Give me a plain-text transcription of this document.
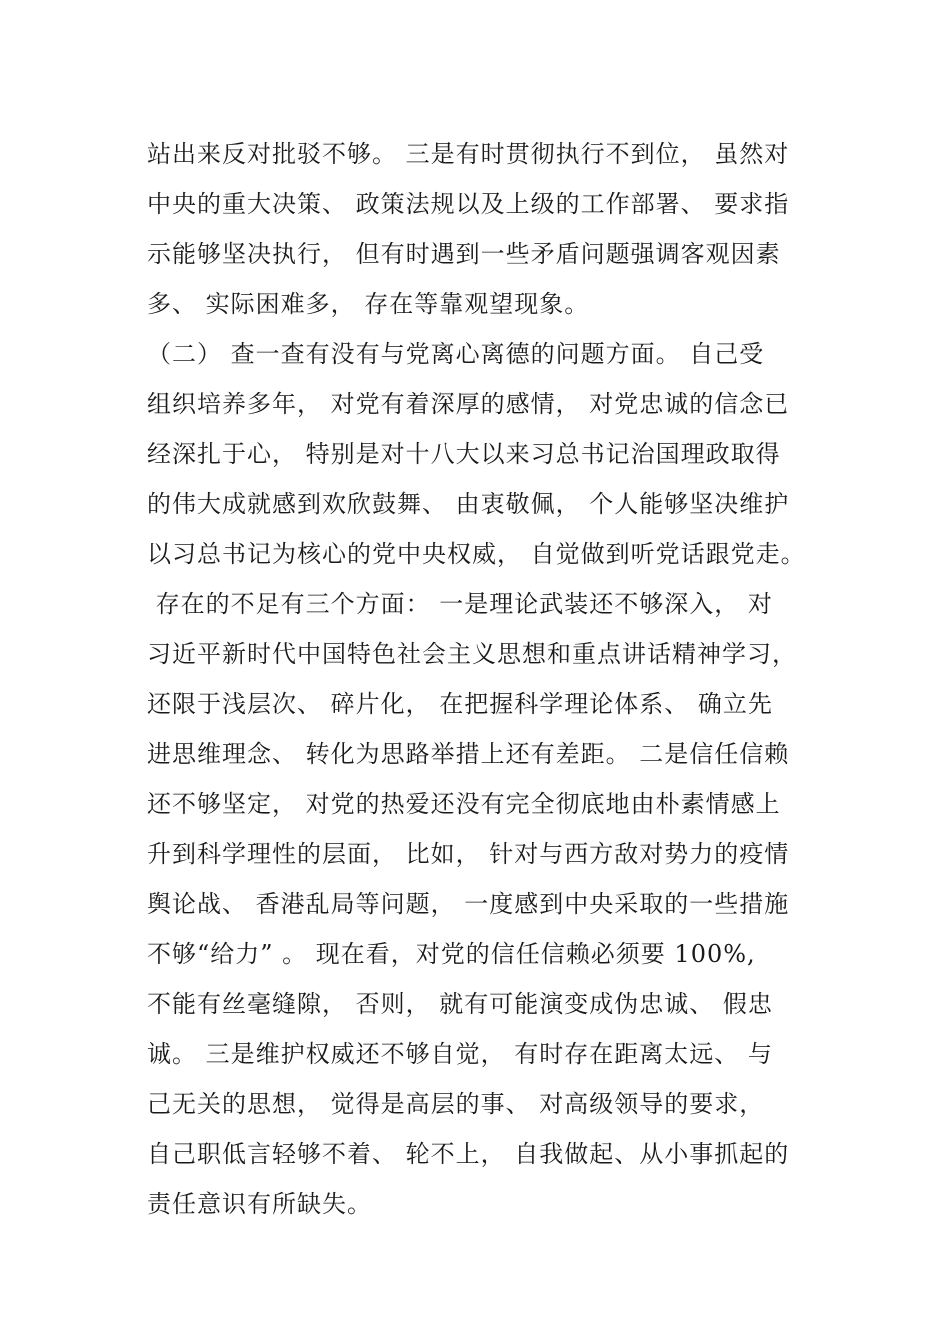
站出来反对批驳不够。 三是有时贯彻执行不到位， 虽然对
中央的重大决策、 政策法规以及上级的工作部署、 要求指
示能够坚决执行， 但有时遇到一些矛盾问题强调客观因素
多、 实际困难多， 存在等靠观望现象。
（二） 查一查有没有与党离心离德的问题方面。 自己受
组织培养多年， 对党有着深厚的感情， 对党忠诚的信念已
经深扎于心， 特别是对十八大以来习总书记治国理政取得
的伟大成就感到欢欣鼓舞、 由衷敬佩， 个人能够坚决维护
以习总书记为核心的党中央权威， 自觉做到听党话跟党走。
存在的不足有三个方面： 一是理论武装还不够深入， 对
习近平新时代中国特色社会主义思想和重点讲话精神学习，
还限于浅层次、 碎片化， 在把握科学理论体系、 确立先
进思维理念、 转化为思路举措上还有差距。 二是信任信赖
还不够坚定， 对党的热爱还没有完全彻底地由朴素情感上
升到科学理性的层面， 比如， 针对与西方敌对势力的疫情
舆论战、 香港乱局等问题， 一度感到中央采取的一些措施
不够“给力” 。 现在看，对党的信任信赖必须要 100%,
不能有丝毫缝隙， 否则， 就有可能演变成伪忠诚、 假忠
诚。 三是维护权威还不够自觉， 有时存在距离太远、 与
己无关的思想， 觉得是高层的事、 对高级领导的要求，
自己职低言轻够不着、 轮不上， 自我做起、从小事抓起的
责任意识有所缺失。
